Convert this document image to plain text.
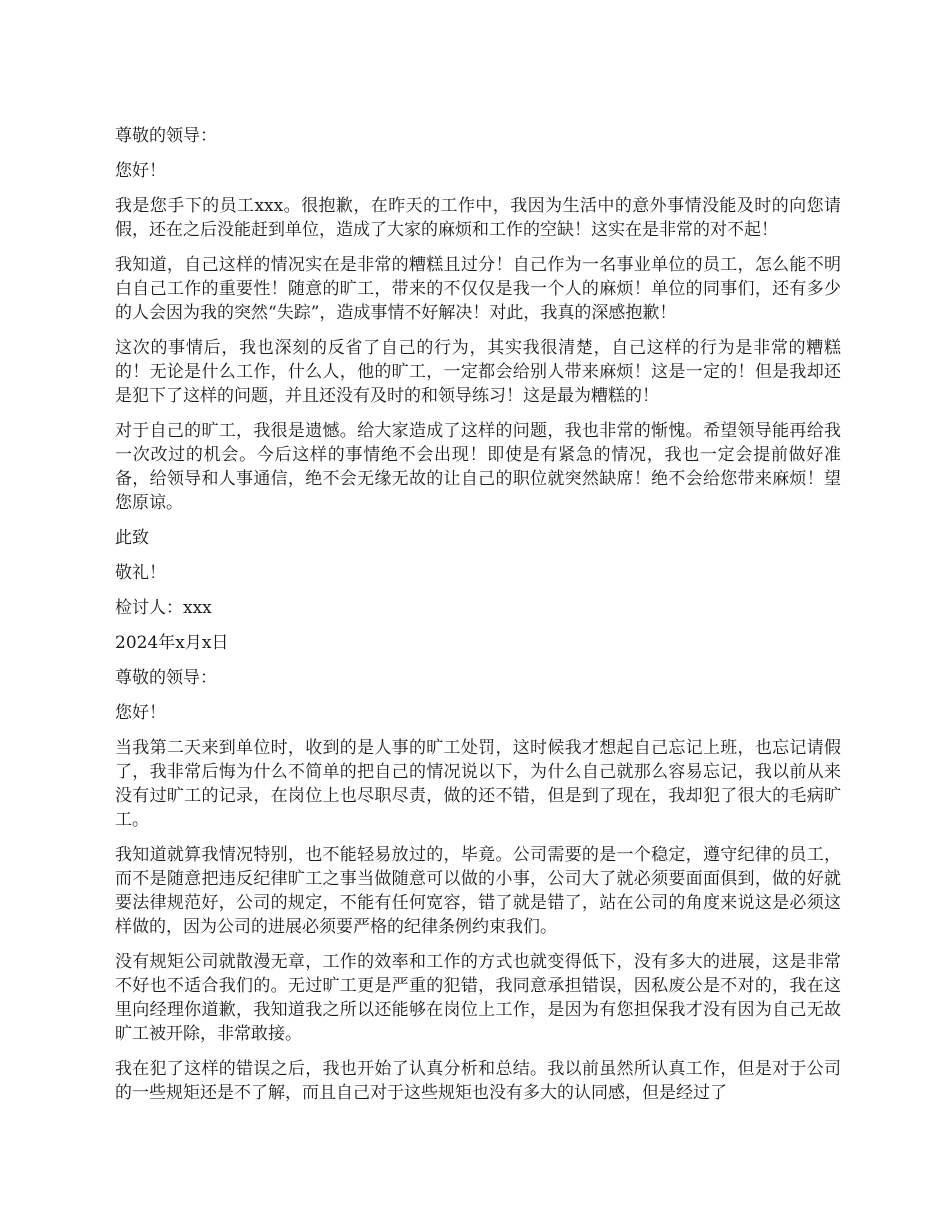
尊敬的领导：

您好！

我是您手下的员工xxx。很抱歉，在昨天的工作中，我因为生活中的意外事情没能及时的向您请假，还在之后没能赶到单位，造成了大家的麻烦和工作的空缺！这实在是非常的对不起！

我知道，自己这样的情况实在是非常的糟糕且过分！自己作为一名事业单位的员工，怎么能不明白自己工作的重要性！随意的旷工，带来的不仅仅是我一个人的麻烦！单位的同事们，还有多少的人会因为我的突然“失踪”，造成事情不好解决！对此，我真的深感抱歉！

这次的事情后，我也深刻的反省了自己的行为，其实我很清楚，自己这样的行为是非常的糟糕的！无论是什么工作，什么人，他的旷工，一定都会给别人带来麻烦！这是一定的！但是我却还是犯下了这样的问题，并且还没有及时的和领导练习！这是最为糟糕的！

对于自己的旷工，我很是遗憾。给大家造成了这样的问题，我也非常的惭愧。希望领导能再给我一次改过的机会。今后这样的事情绝不会出现！即使是有紧急的情况，我也一定会提前做好准备，给领导和人事通信，绝不会无缘无故的让自己的职位就突然缺席！绝不会给您带来麻烦！望您原谅。

此致

敬礼！

检讨人：xxx

2024年x月x日

尊敬的领导：

您好！

当我第二天来到单位时，收到的是人事的旷工处罚，这时候我才想起自己忘记上班，也忘记请假了，我非常后悔为什么不简单的把自己的情况说以下，为什么自己就那么容易忘记，我以前从来没有过旷工的记录，在岗位上也尽职尽责，做的还不错，但是到了现在，我却犯了很大的毛病旷工。

我知道就算我情况特别，也不能轻易放过的，毕竟。公司需要的是一个稳定，遵守纪律的员工，而不是随意把违反纪律旷工之事当做随意可以做的小事，公司大了就必须要面面俱到，做的好就要法律规范好，公司的规定，不能有任何宽容，错了就是错了，站在公司的角度来说这是必须这样做的，因为公司的进展必须要严格的纪律条例约束我们。

没有规矩公司就散漫无章，工作的效率和工作的方式也就变得低下，没有多大的进展，这是非常不好也不适合我们的。无过旷工更是严重的犯错，我同意承担错误，因私废公是不对的，我在这里向经理你道歉，我知道我之所以还能够在岗位上工作，是因为有您担保我才没有因为自己无故旷工被开除，非常敢接。

我在犯了这样的错误之后，我也开始了认真分析和总结。我以前虽然所认真工作，但是对于公司的一些规矩还是不了解，而且自己对于这些规矩也没有多大的认同感，但是经过了
